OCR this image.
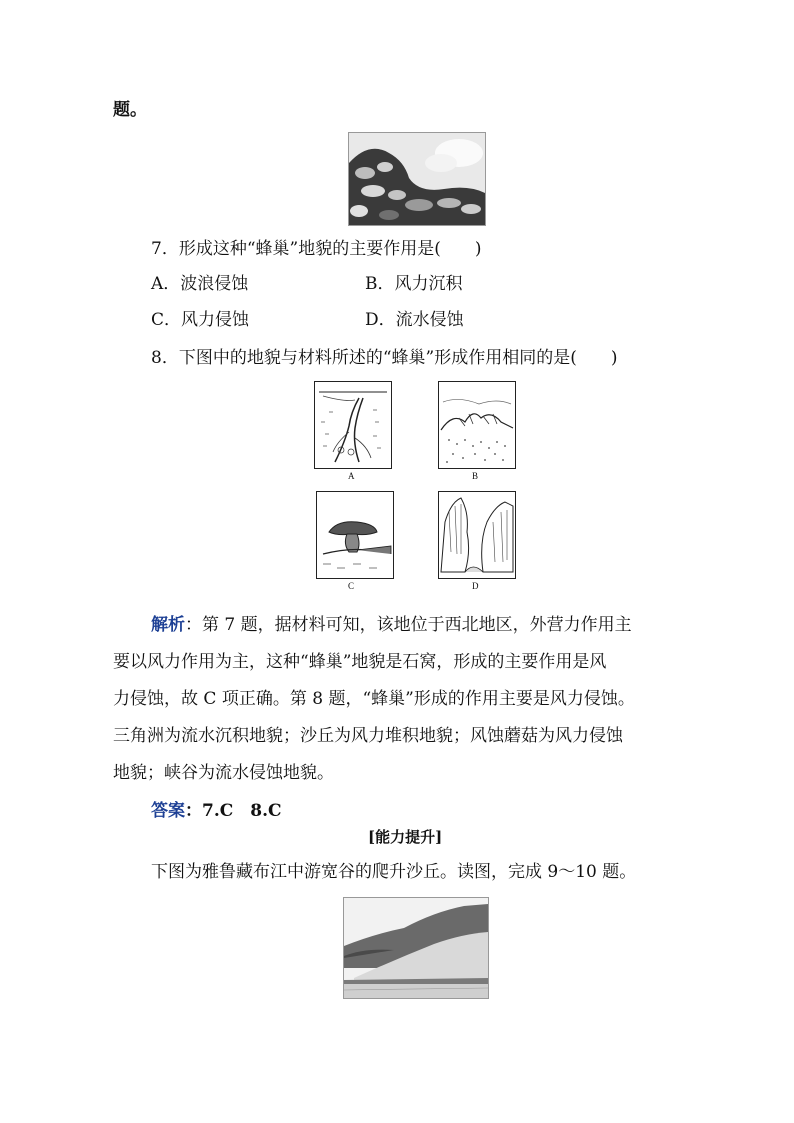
题。
7．形成这种“蜂巢”地貌的主要作用是(　　)
A．波浪侵蚀	B．风力沉积
C．风力侵蚀	D．流水侵蚀
8．下图中的地貌与材料所述的“蜂巢”形成作用相同的是(　　)
A	B
C	D
解析：第 7 题，据材料可知，该地位于西北地区，外营力作用主
要以风力作用为主，这种“蜂巢”地貌是石窝，形成的主要作用是风
力侵蚀，故 C 项正确。第 8 题，“蜂巢”形成的作用主要是风力侵蚀。
三角洲为流水沉积地貌；沙丘为风力堆积地貌；风蚀蘑菇为风力侵蚀
地貌；峡谷为流水侵蚀地貌。
答案：7.C　8.C
[能力提升]
下图为雅鲁藏布江中游宽谷的爬升沙丘。读图，完成 9～10 题。
